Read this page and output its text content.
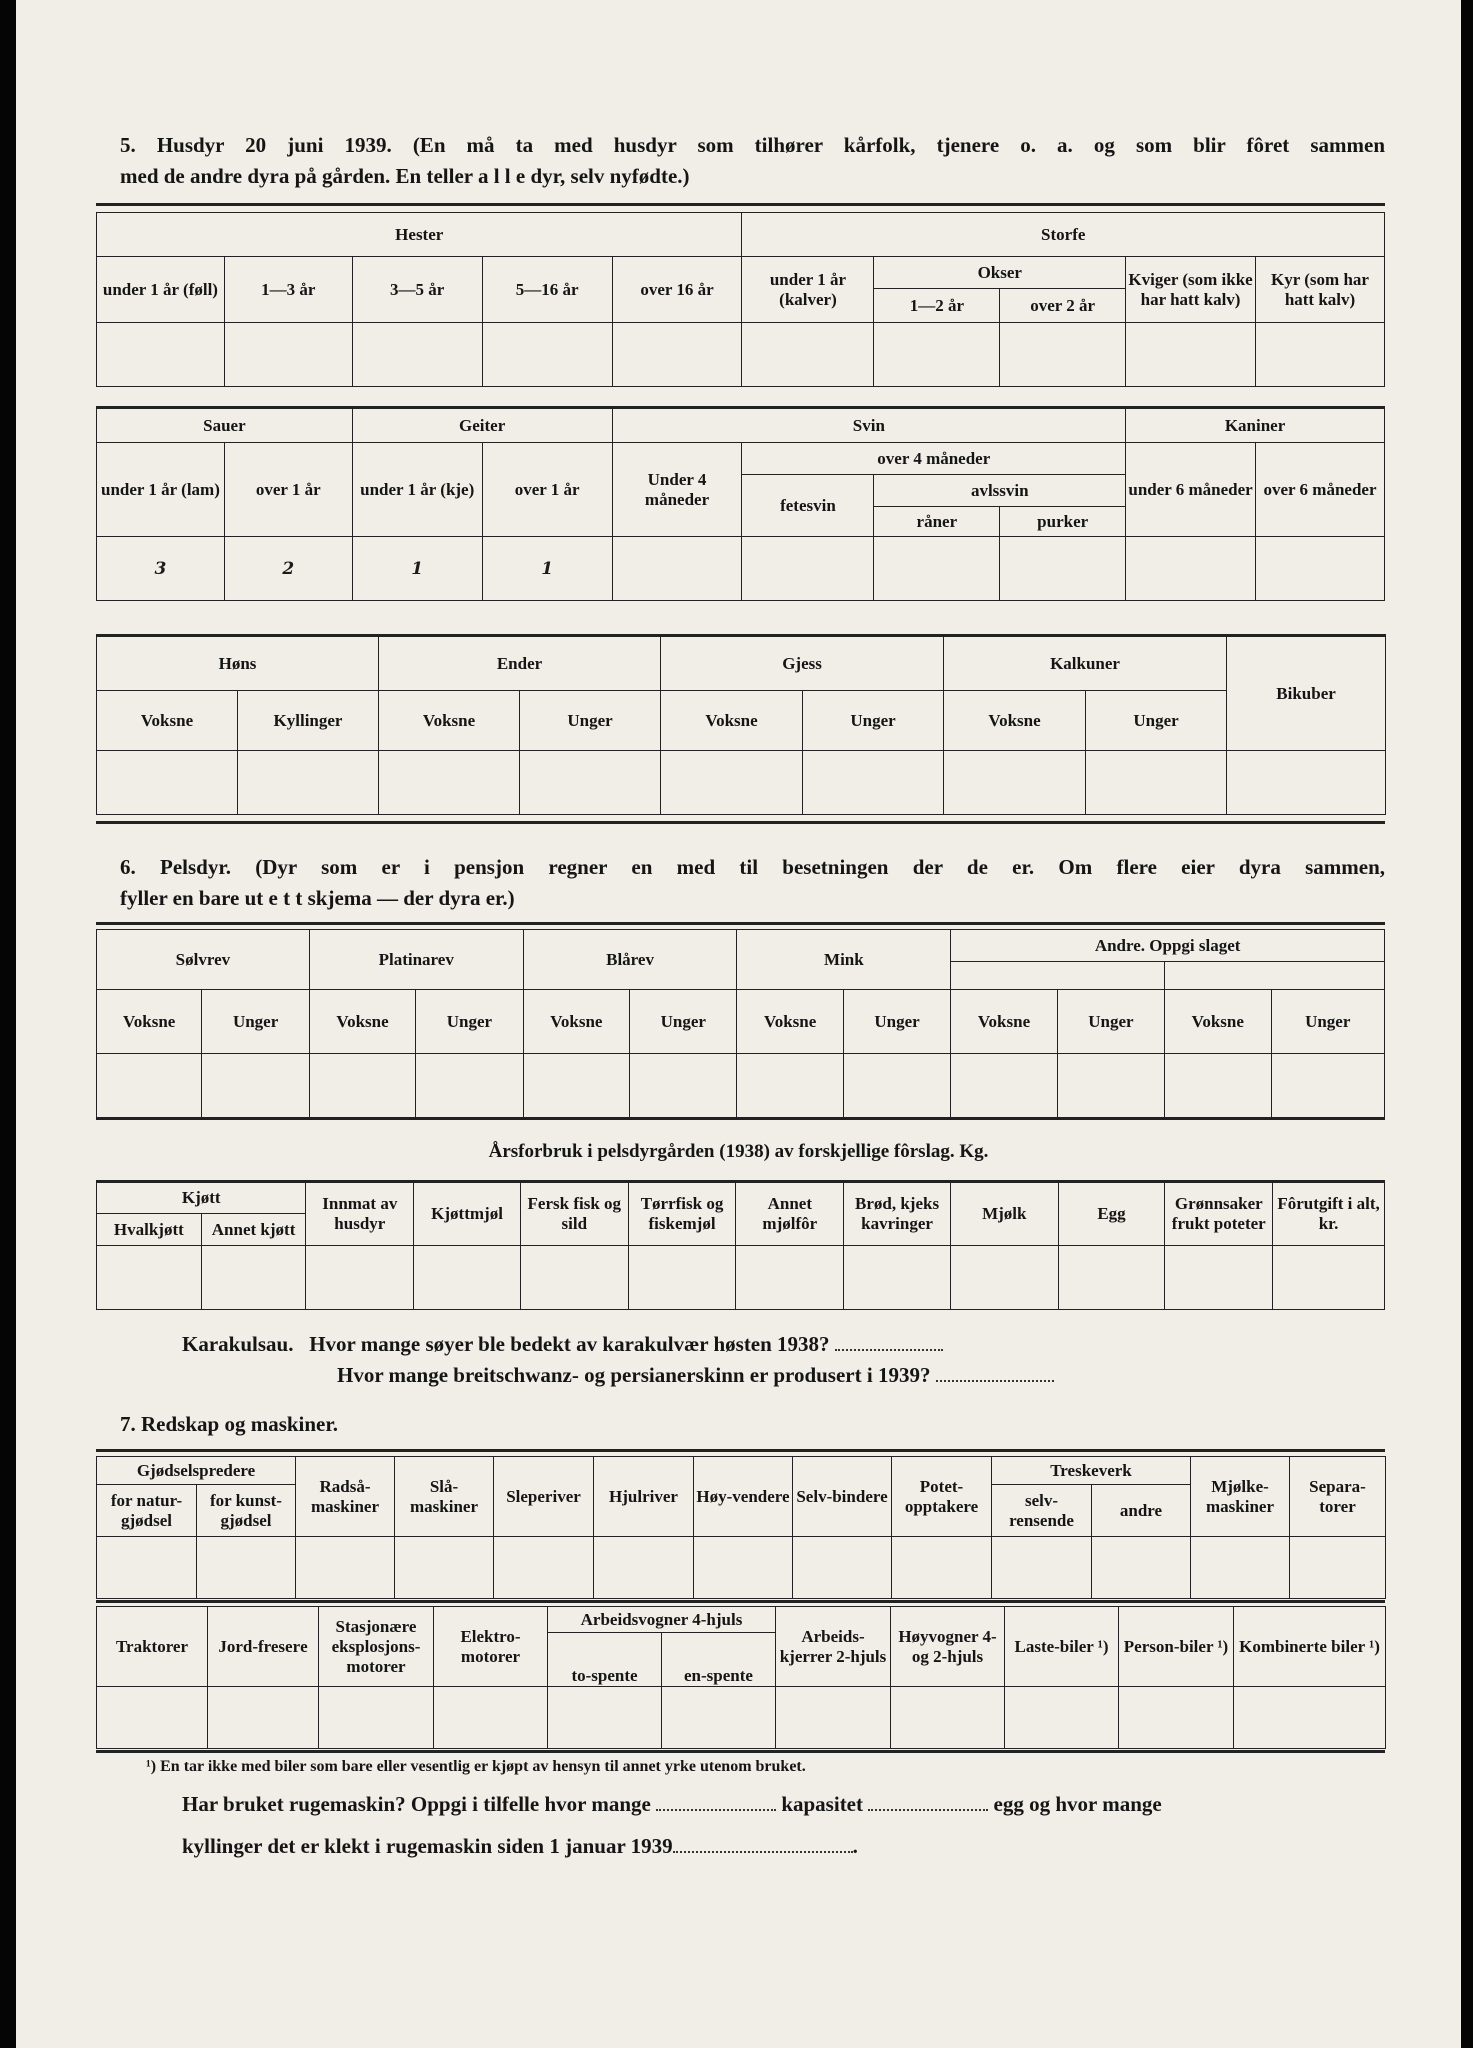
5. Husdyr 20 juni 1939. (En må ta med husdyr som tilhører kårfolk, tjenere o. a. og som blir fôret sammen
med de andre dyra på gården. En teller a l l e dyr, selv nyfødte.)
Hester					Storfe				
under 1 år (føll)	1—3 år	3—5 år	5—16 år	over 16 år	under 1 år (kalver)	Okser		Kviger (som ikke har hatt kalv)	Kyr (som har hatt kalv)
						1—2 år	over 2 år		

Sauer		Geiter		Svin				Kaniner	
under 1 år (lam)	over 1 år	under 1 år (kje)	over 1 år	Under 4 måneder	over 4 måneder			under 6 måneder	over 6 måneder
					fetesvin	avlssvin			
						råner	purker		
3	2	1	1						
Høns		Ender		Gjess		Kalkuner		Bikuber
Voksne	Kyllinger	Voksne	Unger	Voksne	Unger	Voksne	Unger	

6. Pelsdyr. (Dyr som er i pensjon regner en med til besetningen der de er. Om flere eier dyra sammen,
fyller en bare ut e t t skjema — der dyra er.)
Sølvrev		Platinarev		Blårev		Mink		Andre. Oppgi slaget			

Voksne	Unger	Voksne	Unger	Voksne	Unger	Voksne	Unger	Voksne	Unger	Voksne	Unger

Årsforbruk i pelsdyrgården (1938) av forskjellige fôrslag. Kg.
Kjøtt		Innmat av husdyr	Kjøttmjøl	Fersk fisk og sild	Tørrfisk og fiskemjøl	Annet mjølfôr	Brød, kjeks kavringer	Mjølk	Egg	Grønnsaker frukt poteter	Fôrutgift i alt, kr.
Hvalkjøtt	Annet kjøtt										

Karakulsau. Hvor mange søyer ble bedekt av karakulvær høsten 1938?
Hvor mange breitschwanz- og persianerskinn er produsert i 1939?
7. Redskap og maskiner.
Gjødselspredere		Radså-maskiner	Slå-maskiner	Sleperiver	Hjulriver	Høy-vendere	Selv-bindere	Potet-opptakere	Treskeverk		Mjølke-maskiner	Separa-torer
for natur-gjødsel	for kunst-gjødsel								selv-rensende	andre		

Traktorer	Jord-freserе	Stasjonære eksplosjons-motorer	Elektro-motorer	Arbeidsvogner 4-hjuls		Arbeids-kjerrer 2-hjuls	Høyvogner 4- og 2-hjuls	Laste-biler ¹)	Person-biler ¹)	Kombinerte biler ¹)
				to-spente	en-spente					

¹) En tar ikke med biler som bare eller vesentlig er kjøpt av hensyn til annet yrke utenom bruket.
Har bruket rugemaskin? Oppgi i tilfelle hvor mange	kapasitet	egg og hvor mange
kyllinger det er klekt i rugemaskin siden 1 januar 1939	.
